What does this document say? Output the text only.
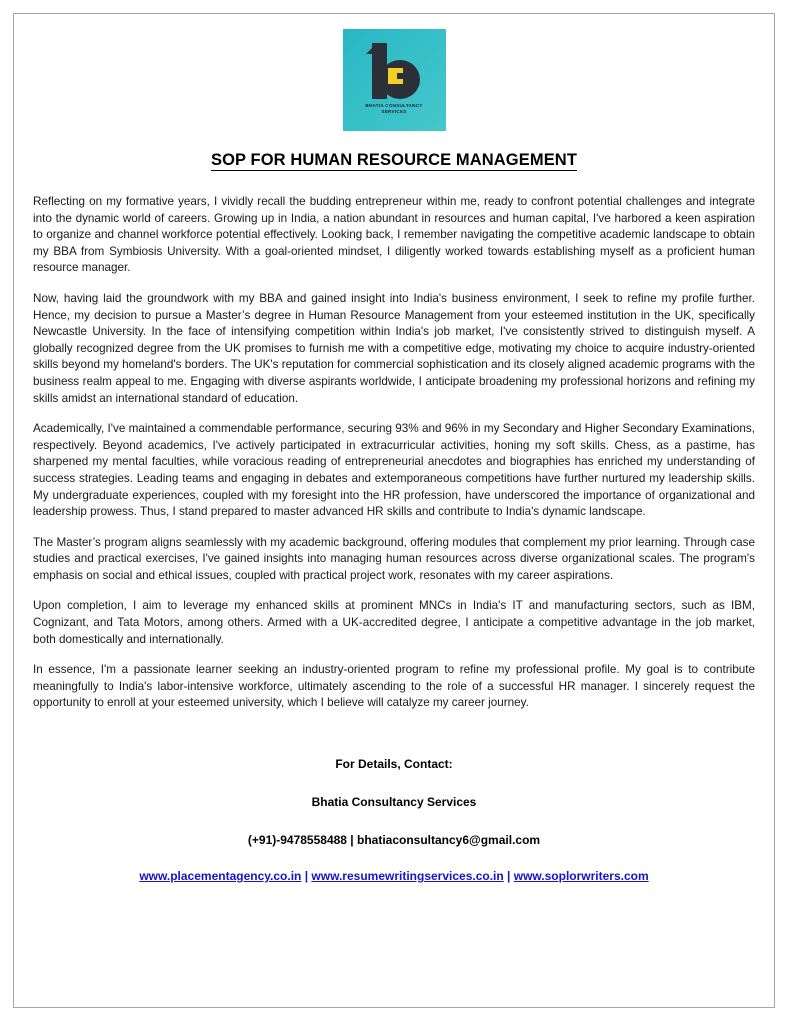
BHATIA CONSULTANCY
SERVICES
SOP FOR HUMAN RESOURCE MANAGEMENT

Reflecting on my formative years, I vividly recall the budding entrepreneur within me, ready to confront potential challenges and integrate into the dynamic world of careers. Growing up in India, a nation abundant in resources and human capital, I've harbored a keen aspiration to organize and channel workforce potential effectively. Looking back, I remember navigating the competitive academic landscape to obtain my BBA from Symbiosis University. With a goal-oriented mindset, I diligently worked towards establishing myself as a proficient human resource manager.

Now, having laid the groundwork with my BBA and gained insight into India's business environment, I seek to refine my profile further. Hence, my decision to pursue a Master’s degree in Human Resource Management from your esteemed institution in the UK, specifically Newcastle University. In the face of intensifying competition within India's job market, I've consistently strived to distinguish myself. A globally recognized degree from the UK promises to furnish me with a competitive edge, motivating my choice to acquire industry-oriented skills beyond my homeland's borders. The UK's reputation for commercial sophistication and its closely aligned academic programs with the business realm appeal to me. Engaging with diverse aspirants worldwide, I anticipate broadening my professional horizons and refining my skills amidst an international standard of education.

Academically, I've maintained a commendable performance, securing 93% and 96% in my Secondary and Higher Secondary Examinations, respectively. Beyond academics, I've actively participated in extracurricular activities, honing my soft skills. Chess, as a pastime, has sharpened my mental faculties, while voracious reading of entrepreneurial anecdotes and biographies has enriched my understanding of success strategies. Leading teams and engaging in debates and extemporaneous competitions have further nurtured my leadership skills. My undergraduate experiences, coupled with my foresight into the HR profession, have underscored the importance of organizational and leadership prowess. Thus, I stand prepared to master advanced HR skills and contribute to India's dynamic landscape.

The Master’s program aligns seamlessly with my academic background, offering modules that complement my prior learning. Through case studies and practical exercises, I've gained insights into managing human resources across diverse organizational scales. The program's emphasis on social and ethical issues, coupled with practical project work, resonates with my career aspirations.

Upon completion, I aim to leverage my enhanced skills at prominent MNCs in India's IT and manufacturing sectors, such as IBM, Cognizant, and Tata Motors, among others. Armed with a UK-accredited degree, I anticipate a competitive advantage in the job market, both domestically and internationally.

In essence, I'm a passionate learner seeking an industry-oriented program to refine my professional profile. My goal is to contribute meaningfully to India's labor-intensive workforce, ultimately ascending to the role of a successful HR manager. I sincerely request the opportunity to enroll at your esteemed university, which I believe will catalyze my career journey.

For Details, Contact:
Bhatia Consultancy Services
(+91)-9478558488 | bhatiaconsultancy6@gmail.com
www.placementagency.co.in | www.resumewritingservices.co.in | www.soplorwriters.com
